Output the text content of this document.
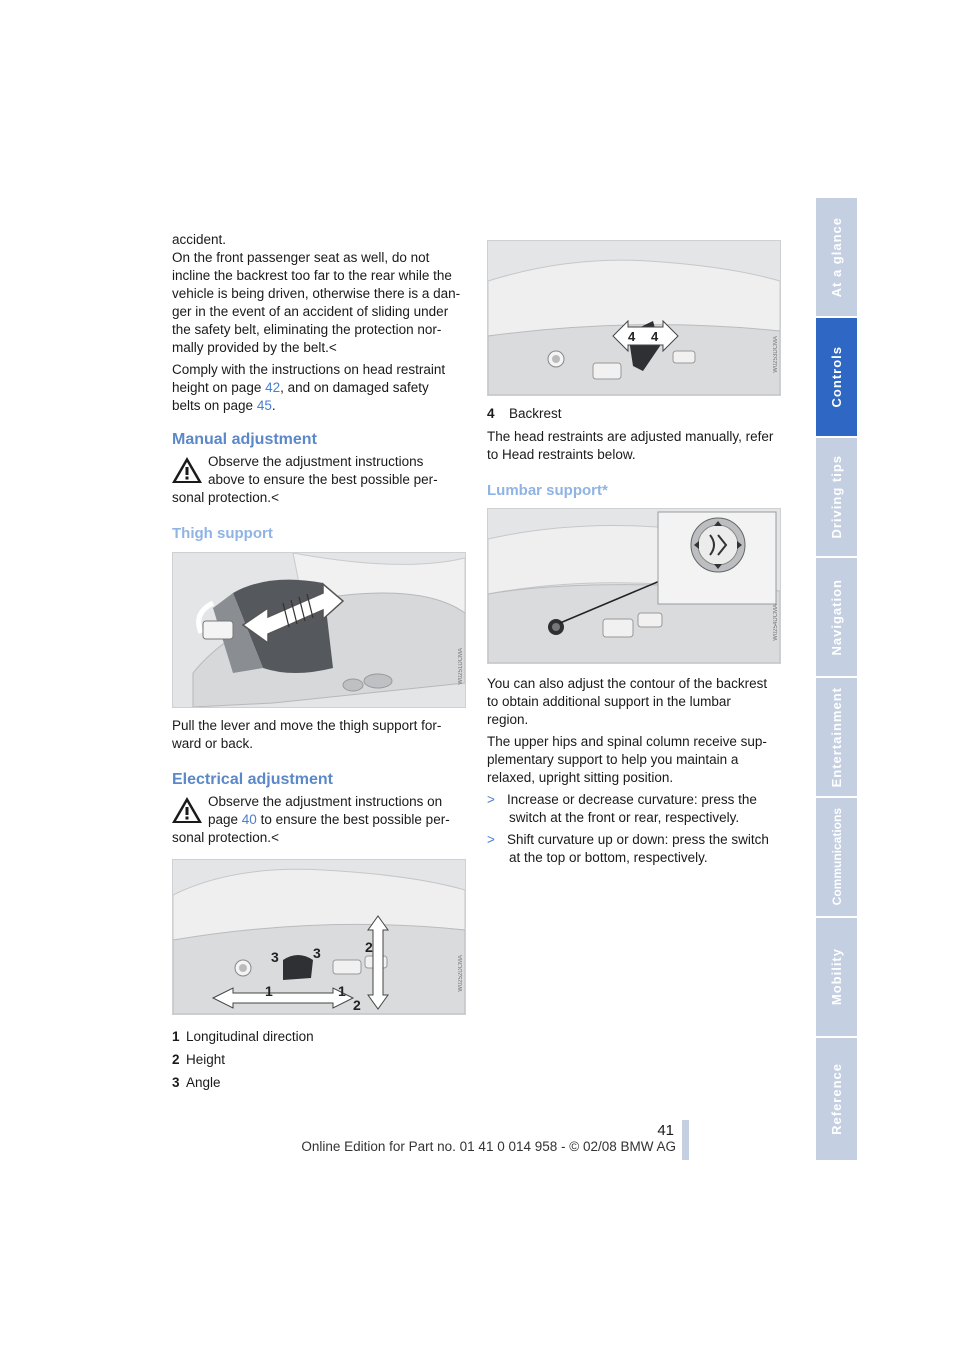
At a glance
Controls
Driving tips
Navigation
Entertainment
Communications
Mobility
Reference
accident.
On the front passenger seat as well, do not
incline the backrest too far to the rear while the
vehicle is being driven, otherwise there is a dan-
ger in the event of an accident of sliding under
the safety belt, eliminating the protection nor-
mally provided by the belt.<
Comply with the instructions on head restraint
height on page 42, and on damaged safety
belts on page 45.
Manual adjustment
Observe the adjustment instructions
above to ensure the best possible per-
sonal protection.<
Thigh support
W0251DCMA
Pull the lever and move the thigh support for-
ward or back.
Electrical adjustment
Observe the adjustment instructions on
page 40 to ensure the best possible per-
sonal protection.<
3 3
1	1
2
2
W0252DCMA
1 Longitudinal direction
2 Height
3 Angle
4 4	W0253DCMA
4 Backrest
The head restraints are adjusted manually, refer
to Head restraints below.
Lumbar support*
W0254DCMA
You can also adjust the contour of the backrest
to obtain additional support in the lumbar
region.
The upper hips and spinal column receive sup-
plementary support to help you maintain a
relaxed, upright sitting position.
> Increase or decrease curvature: press the
switch at the front or rear, respectively.
> Shift curvature up or down: press the switch
at the top or bottom, respectively.
41
Online Edition for Part no. 01 41 0 014 958 - © 02/08 BMW AG
